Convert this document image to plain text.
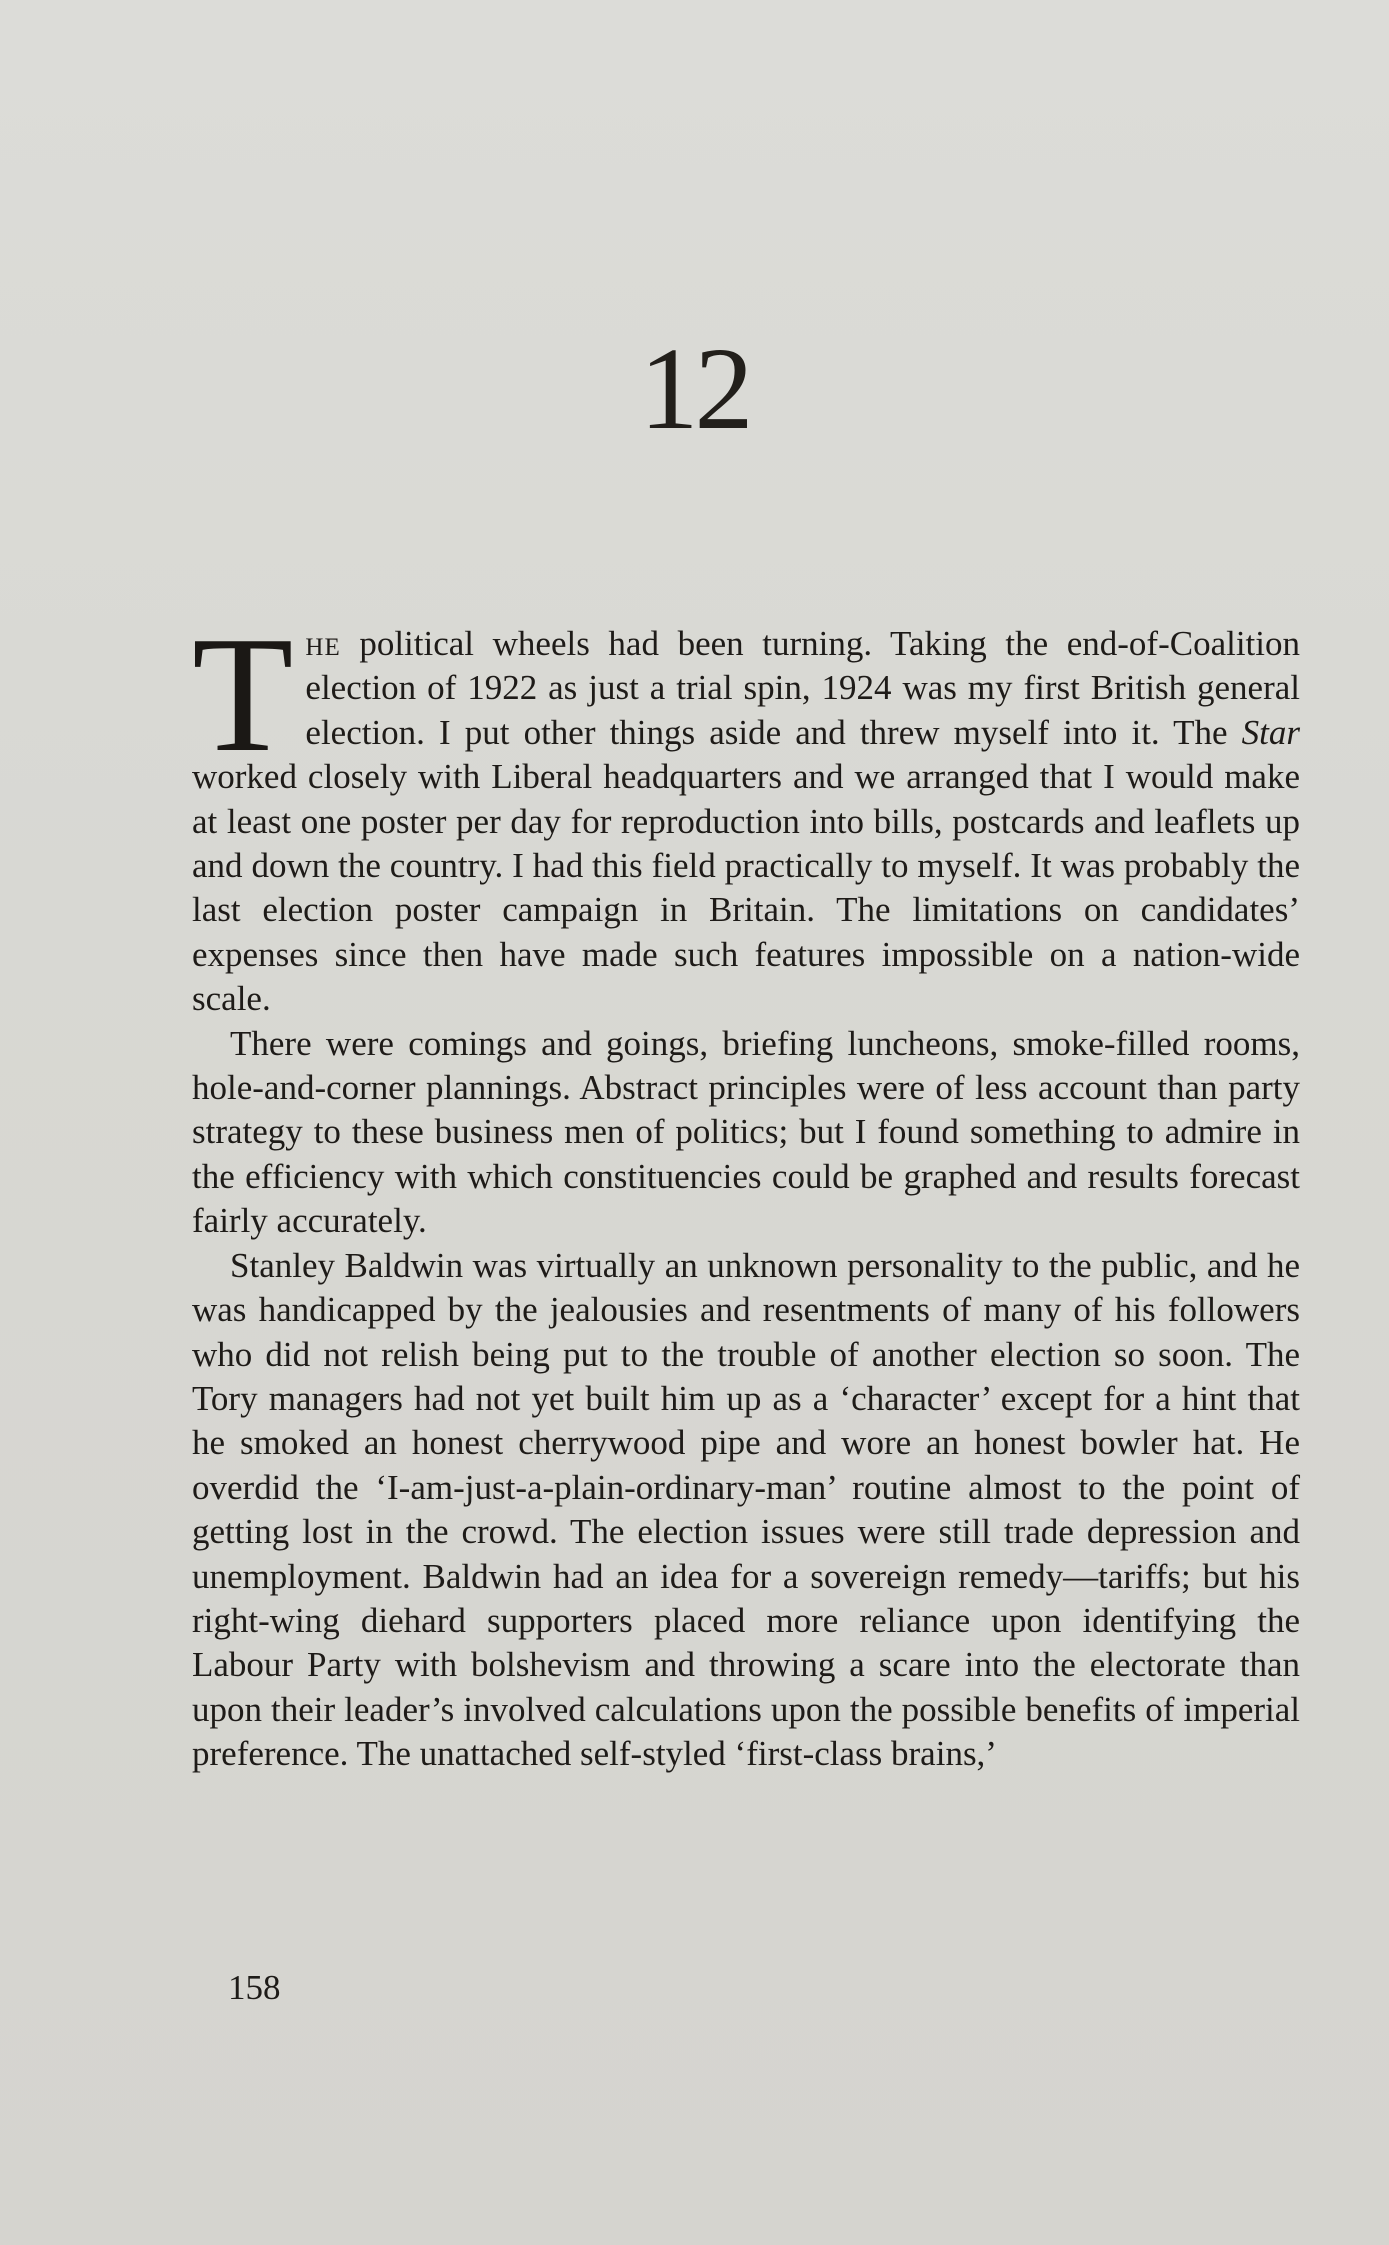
12

The political wheels had been turning. Taking the end-of-Coalition election of 1922 as just a trial spin, 1924 was my first British general election. I put other things aside and threw myself into it. The Star worked closely with Liberal headquarters and we arranged that I would make at least one poster per day for reproduction into bills, postcards and leaflets up and down the country. I had this field practically to myself. It was probably the last election poster campaign in Britain. The limitations on candidates’ expenses since then have made such features impossible on a nation-wide scale.

There were comings and goings, briefing luncheons, smoke-filled rooms, hole-and-corner plannings. Abstract principles were of less account than party strategy to these business men of politics; but I found something to admire in the efficiency with which constituencies could be graphed and results forecast fairly accurately.

Stanley Baldwin was virtually an unknown personality to the public, and he was handicapped by the jealousies and resentments of many of his followers who did not relish being put to the trouble of another election so soon. The Tory managers had not yet built him up as a ‘character’ except for a hint that he smoked an honest cherrywood pipe and wore an honest bowler hat. He overdid the ‘I-am-just-a-plain-ordinary-man’ routine almost to the point of getting lost in the crowd. The election issues were still trade depression and unemployment. Baldwin had an idea for a sovereign remedy—tariffs; but his right-wing diehard supporters placed more reliance upon identifying the Labour Party with bolshevism and throwing a scare into the electorate than upon their leader’s involved calculations upon the possible benefits of imperial preference. The unattached self-styled ‘first-class brains,’

158
